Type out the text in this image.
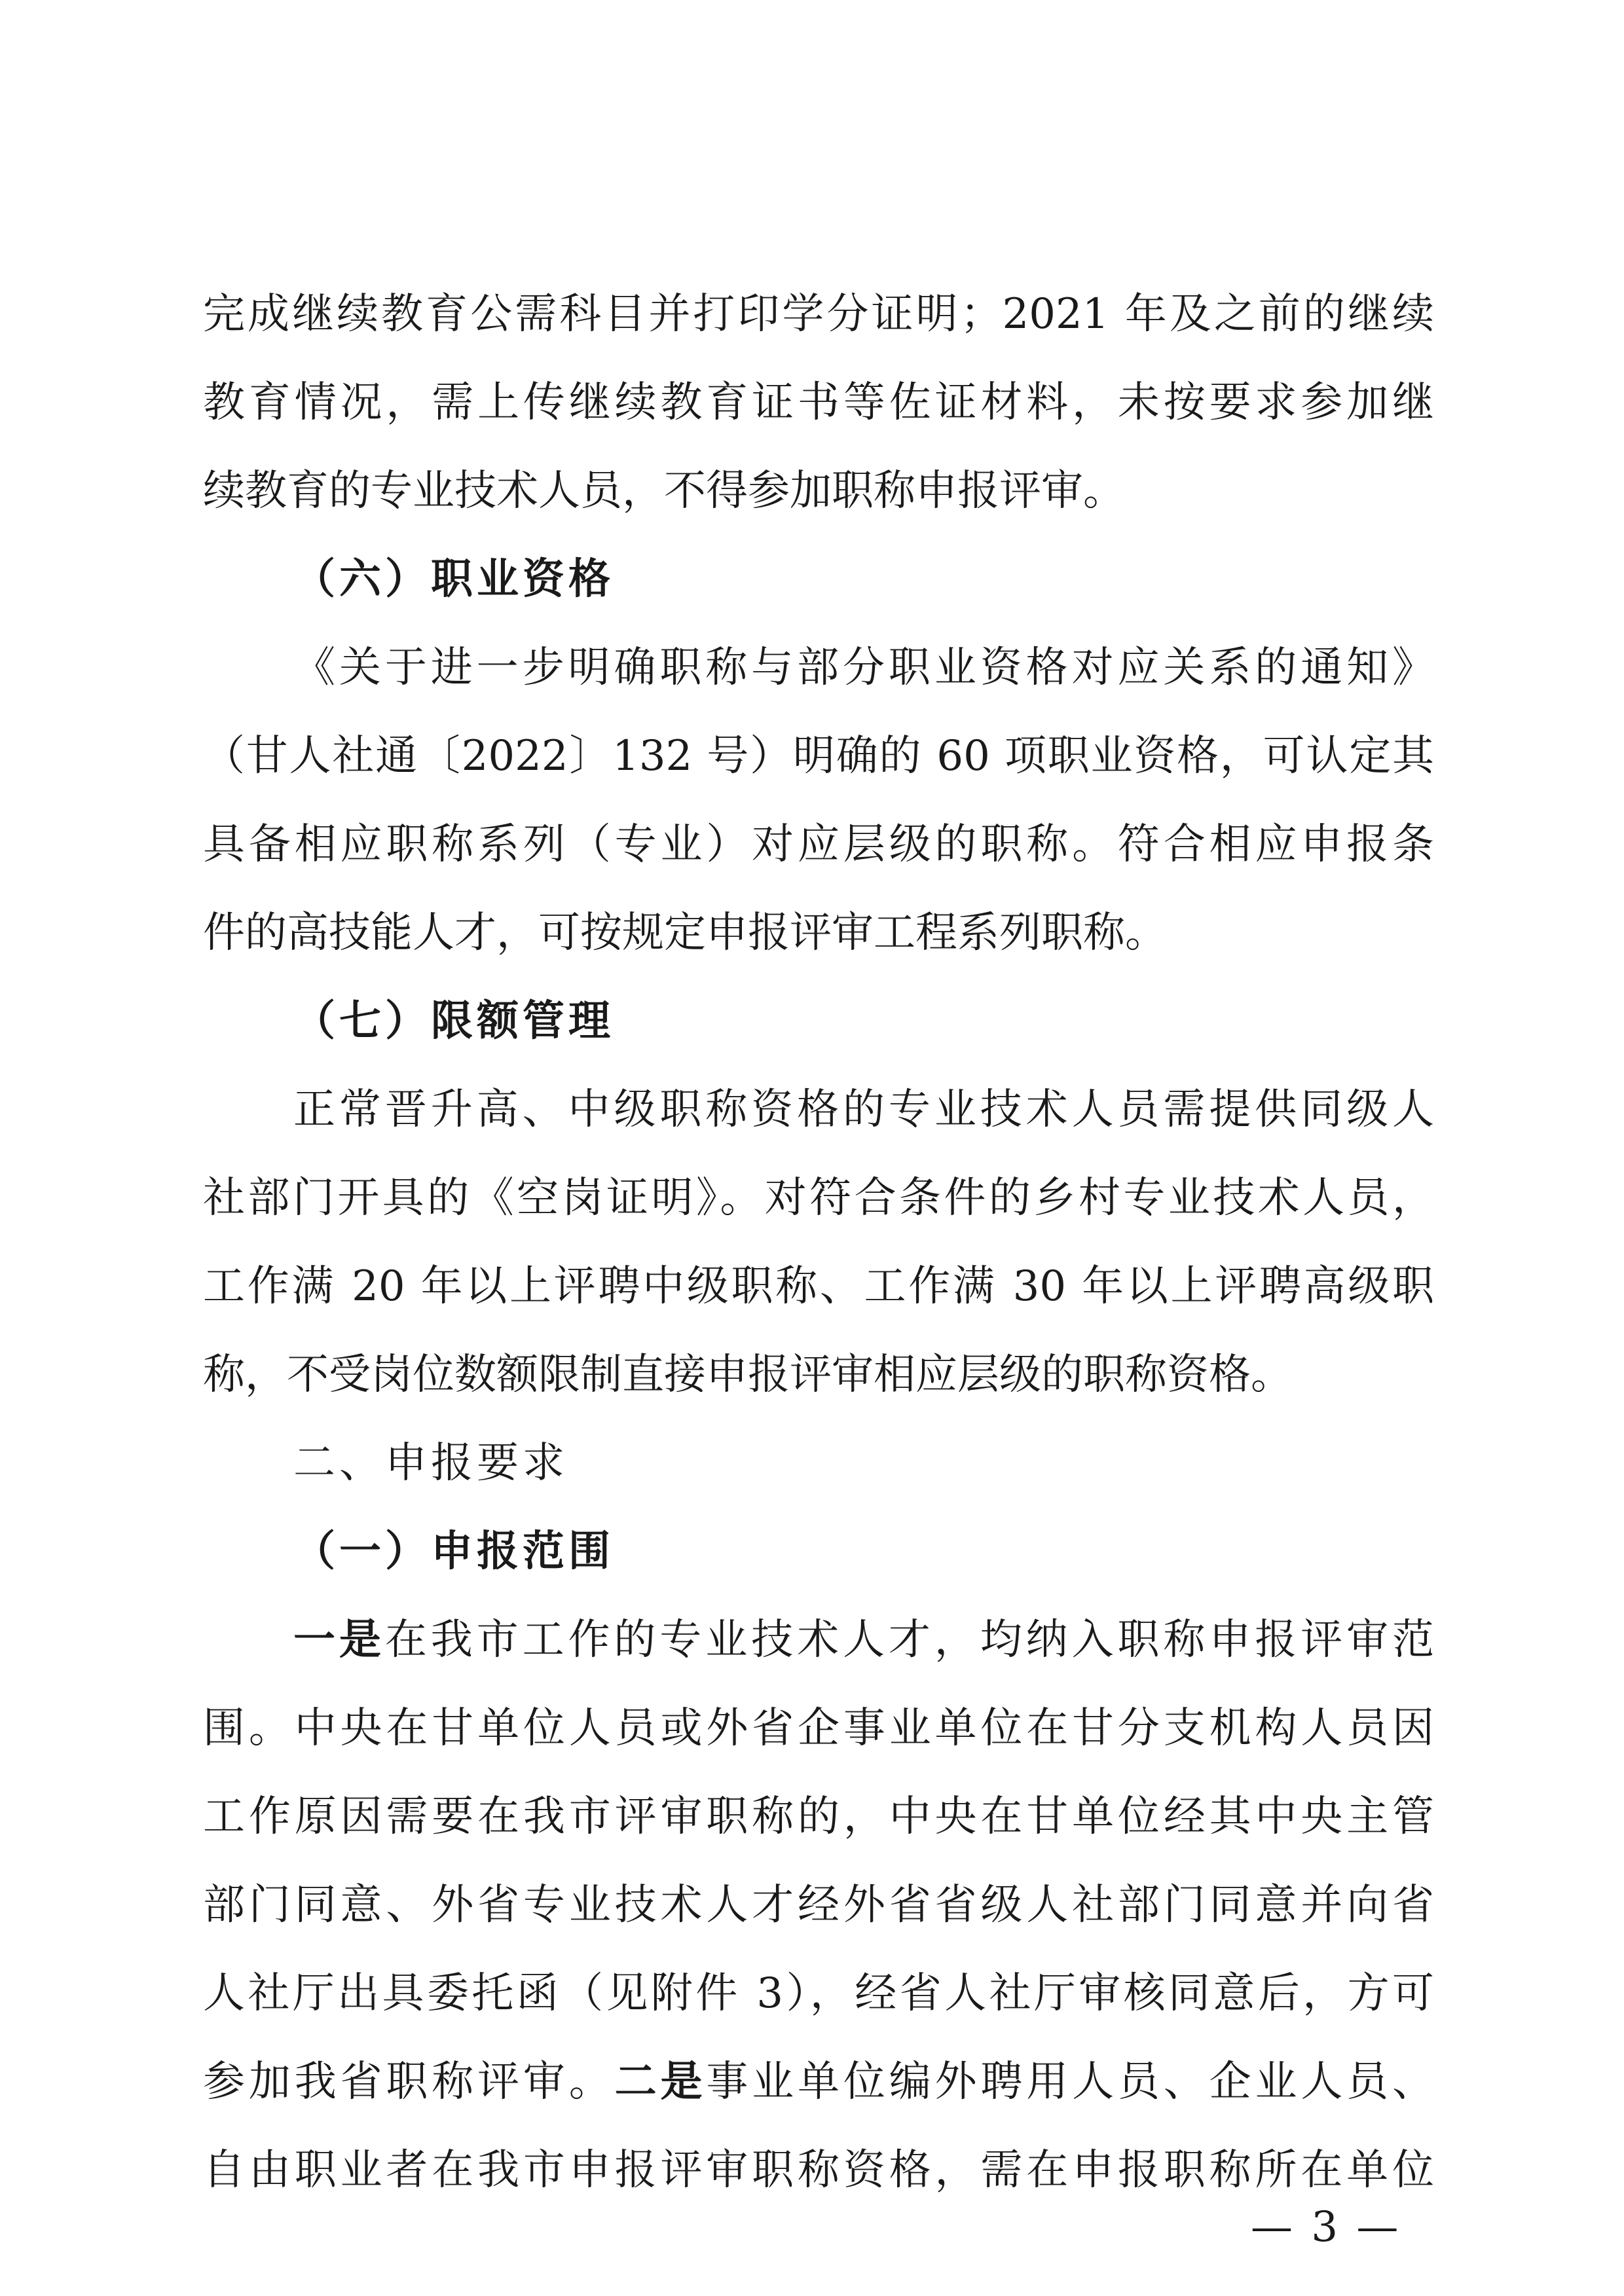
完成继续教育公需科目并打印学分证明；2021 年及之前的继续
教育情况，需上传继续教育证书等佐证材料，未按要求参加继
续教育的专业技术人员，不得参加职称申报评审。
（六）职业资格
《关于进一步明确职称与部分职业资格对应关系的通知》
（甘人社通〔2022〕132 号）明确的 60 项职业资格，可认定其
具备相应职称系列（专业）对应层级的职称。符合相应申报条
件的高技能人才，可按规定申报评审工程系列职称。
（七）限额管理
正常晋升高、中级职称资格的专业技术人员需提供同级人
社部门开具的《空岗证明》。对符合条件的乡村专业技术人员，
工作满 20 年以上评聘中级职称、工作满 30 年以上评聘高级职
称，不受岗位数额限制直接申报评审相应层级的职称资格。
二、申报要求
（一）申报范围
一是在我市工作的专业技术人才，均纳入职称申报评审范
围。中央在甘单位人员或外省企事业单位在甘分支机构人员因
工作原因需要在我市评审职称的，中央在甘单位经其中央主管
部门同意、外省专业技术人才经外省省级人社部门同意并向省
人社厅出具委托函（见附件 3），经省人社厅审核同意后，方可
参加我省职称评审。二是事业单位编外聘用人员、企业人员、
自由职业者在我市申报评审职称资格，需在申报职称所在单位
— 3 —
